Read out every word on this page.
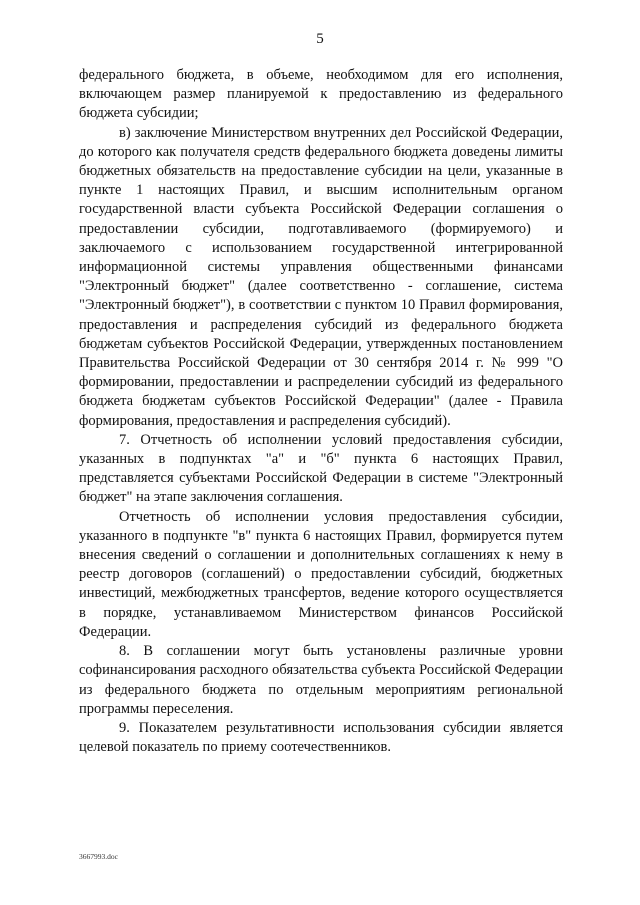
5

федерального бюджета, в объеме, необходимом для его исполнения, включающем размер планируемой к предоставлению из федерального бюджета субсидии;

в) заключение Министерством внутренних дел Российской Федерации, до которого как получателя средств федерального бюджета доведены лимиты бюджетных обязательств на предоставление субсидии на цели, указанные в пункте 1 настоящих Правил, и высшим исполнительным органом государственной власти субъекта Российской Федерации соглашения о предоставлении субсидии, подготавливаемого (формируемого) и заключаемого с использованием государственной интегрированной информационной системы управления общественными финансами "Электронный бюджет" (далее соответственно - соглашение, система "Электронный бюджет"), в соответствии с пунктом 10 Правил формирования, предоставления и распределения субсидий из федерального бюджета бюджетам субъектов Российской Федерации, утвержденных постановлением Правительства Российской Федерации от 30 сентября 2014 г. № 999 "О формировании, предоставлении и распределении субсидий из федерального бюджета бюджетам субъектов Российской Федерации" (далее - Правила формирования, предоставления и распределения субсидий).

7. Отчетность об исполнении условий предоставления субсидии, указанных в подпунктах "а" и "б" пункта 6 настоящих Правил, представляется субъектами Российской Федерации в системе "Электронный бюджет" на этапе заключения соглашения.

Отчетность об исполнении условия предоставления субсидии, указанного в подпункте "в" пункта 6 настоящих Правил, формируется путем внесения сведений о соглашении и дополнительных соглашениях к нему в реестр договоров (соглашений) о предоставлении субсидий, бюджетных инвестиций, межбюджетных трансфертов, ведение которого осуществляется в порядке, устанавливаемом Министерством финансов Российской Федерации.

8. В соглашении могут быть установлены различные уровни софинансирования расходного обязательства субъекта Российской Федерации из федерального бюджета по отдельным мероприятиям региональной программы переселения.

9. Показателем результативности использования субсидии является целевой показатель по приему соотечественников.

3667993.doc
